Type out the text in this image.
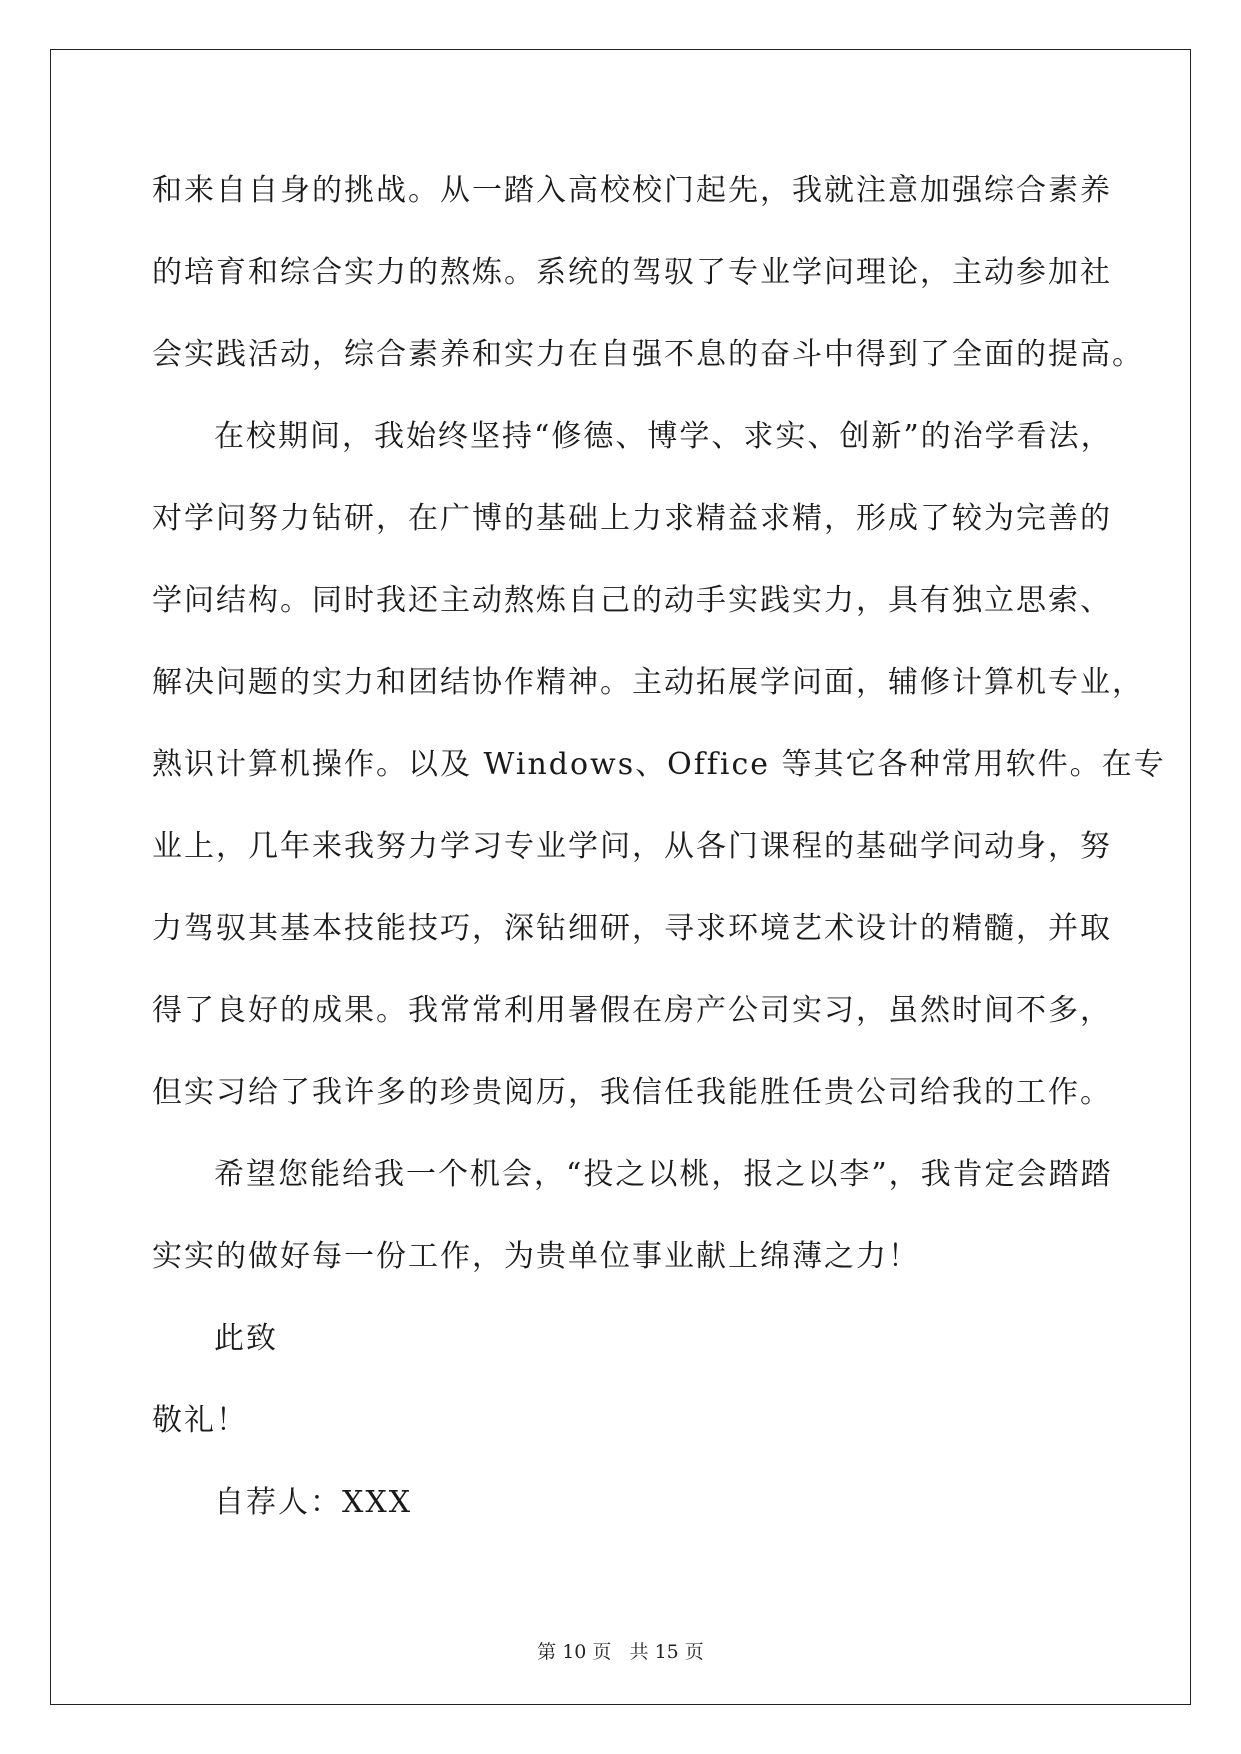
和来自自身的挑战。从一踏入高校校门起先，我就注意加强综合素养
的培育和综合实力的熬炼。系统的驾驭了专业学问理论，主动参加社
会实践活动，综合素养和实力在自强不息的奋斗中得到了全面的提高。
在校期间，我始终坚持“修德、博学、求实、创新”的治学看法，
对学问努力钻研，在广博的基础上力求精益求精，形成了较为完善的
学问结构。同时我还主动熬炼自己的动手实践实力，具有独立思索、
解决问题的实力和团结协作精神。主动拓展学问面，辅修计算机专业，
熟识计算机操作。以及 Windows、Office 等其它各种常用软件。在专
业上，几年来我努力学习专业学问，从各门课程的基础学问动身，努
力驾驭其基本技能技巧，深钻细研，寻求环境艺术设计的精髓，并取
得了良好的成果。我常常利用暑假在房产公司实习，虽然时间不多，
但实习给了我许多的珍贵阅历，我信任我能胜任贵公司给我的工作。
希望您能给我一个机会，“投之以桃，报之以李”，我肯定会踏踏
实实的做好每一份工作，为贵单位事业献上绵薄之力！
此致
敬礼！
自荐人：XXX
第 10 页   共 15 页
